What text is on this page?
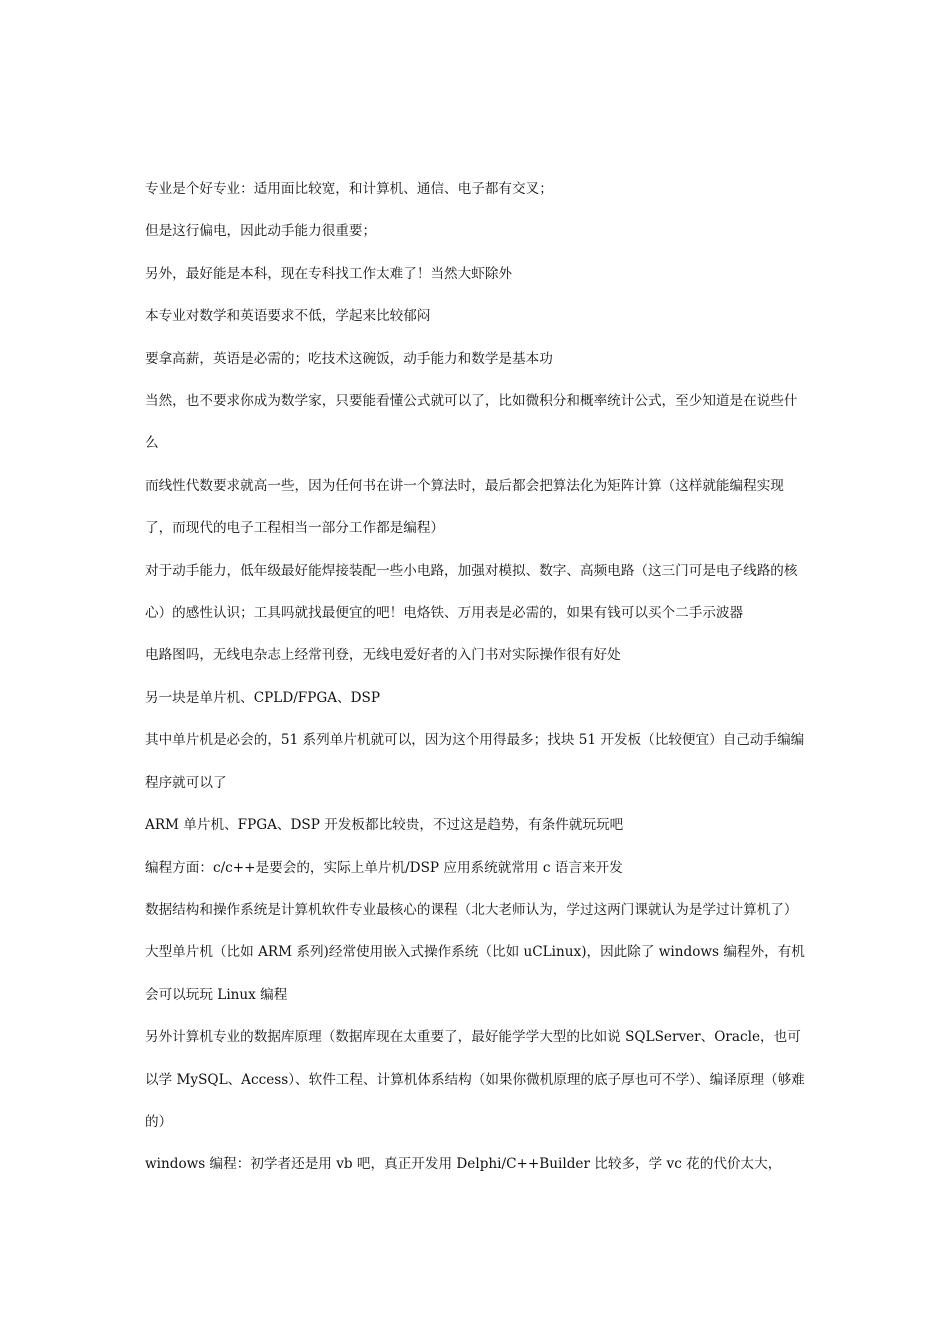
专业是个好专业：适用面比较宽，和计算机、通信、电子都有交叉；

但是这行偏电，因此动手能力很重要；

另外，最好能是本科，现在专科找工作太难了！当然大虾除外

本专业对数学和英语要求不低，学起来比较郁闷

要拿高薪，英语是必需的；吃技术这碗饭，动手能力和数学是基本功

当然，也不要求你成为数学家，只要能看懂公式就可以了，比如微积分和概率统计公式，至少知道是在说些什么

而线性代数要求就高一些，因为任何书在讲一个算法时，最后都会把算法化为矩阵计算（这样就能编程实现了，而现代的电子工程相当一部分工作都是编程）

对于动手能力，低年级最好能焊接装配一些小电路，加强对模拟、数字、高频电路（这三门可是电子线路的核心）的感性认识；工具吗就找最便宜的吧！电烙铁、万用表是必需的，如果有钱可以买个二手示波器

电路图吗，无线电杂志上经常刊登，无线电爱好者的入门书对实际操作很有好处

另一块是单片机、CPLD/FPGA、DSP

其中单片机是必会的，51 系列单片机就可以，因为这个用得最多；找块 51 开发板（比较便宜）自己动手编编程序就可以了

ARM 单片机、FPGA、DSP 开发板都比较贵，不过这是趋势，有条件就玩玩吧

编程方面：c/c++是要会的，实际上单片机/DSP 应用系统就常用 c 语言来开发

数据结构和操作系统是计算机软件专业最核心的课程（北大老师认为，学过这两门课就认为是学过计算机了）

大型单片机（比如 ARM 系列)经常使用嵌入式操作系统（比如 uCLinux)，因此除了 windows 编程外，有机会可以玩玩 Linux 编程

另外计算机专业的数据库原理（数据库现在太重要了，最好能学学大型的比如说 SQLServer、Oracle，也可以学 MySQL、Access）、软件工程、计算机体系结构（如果你微机原理的底子厚也可不学）、编译原理（够难的）

windows 编程：初学者还是用 vb 吧，真正开发用 Delphi/C++Builder 比较多，学 vc 花的代价太大，
